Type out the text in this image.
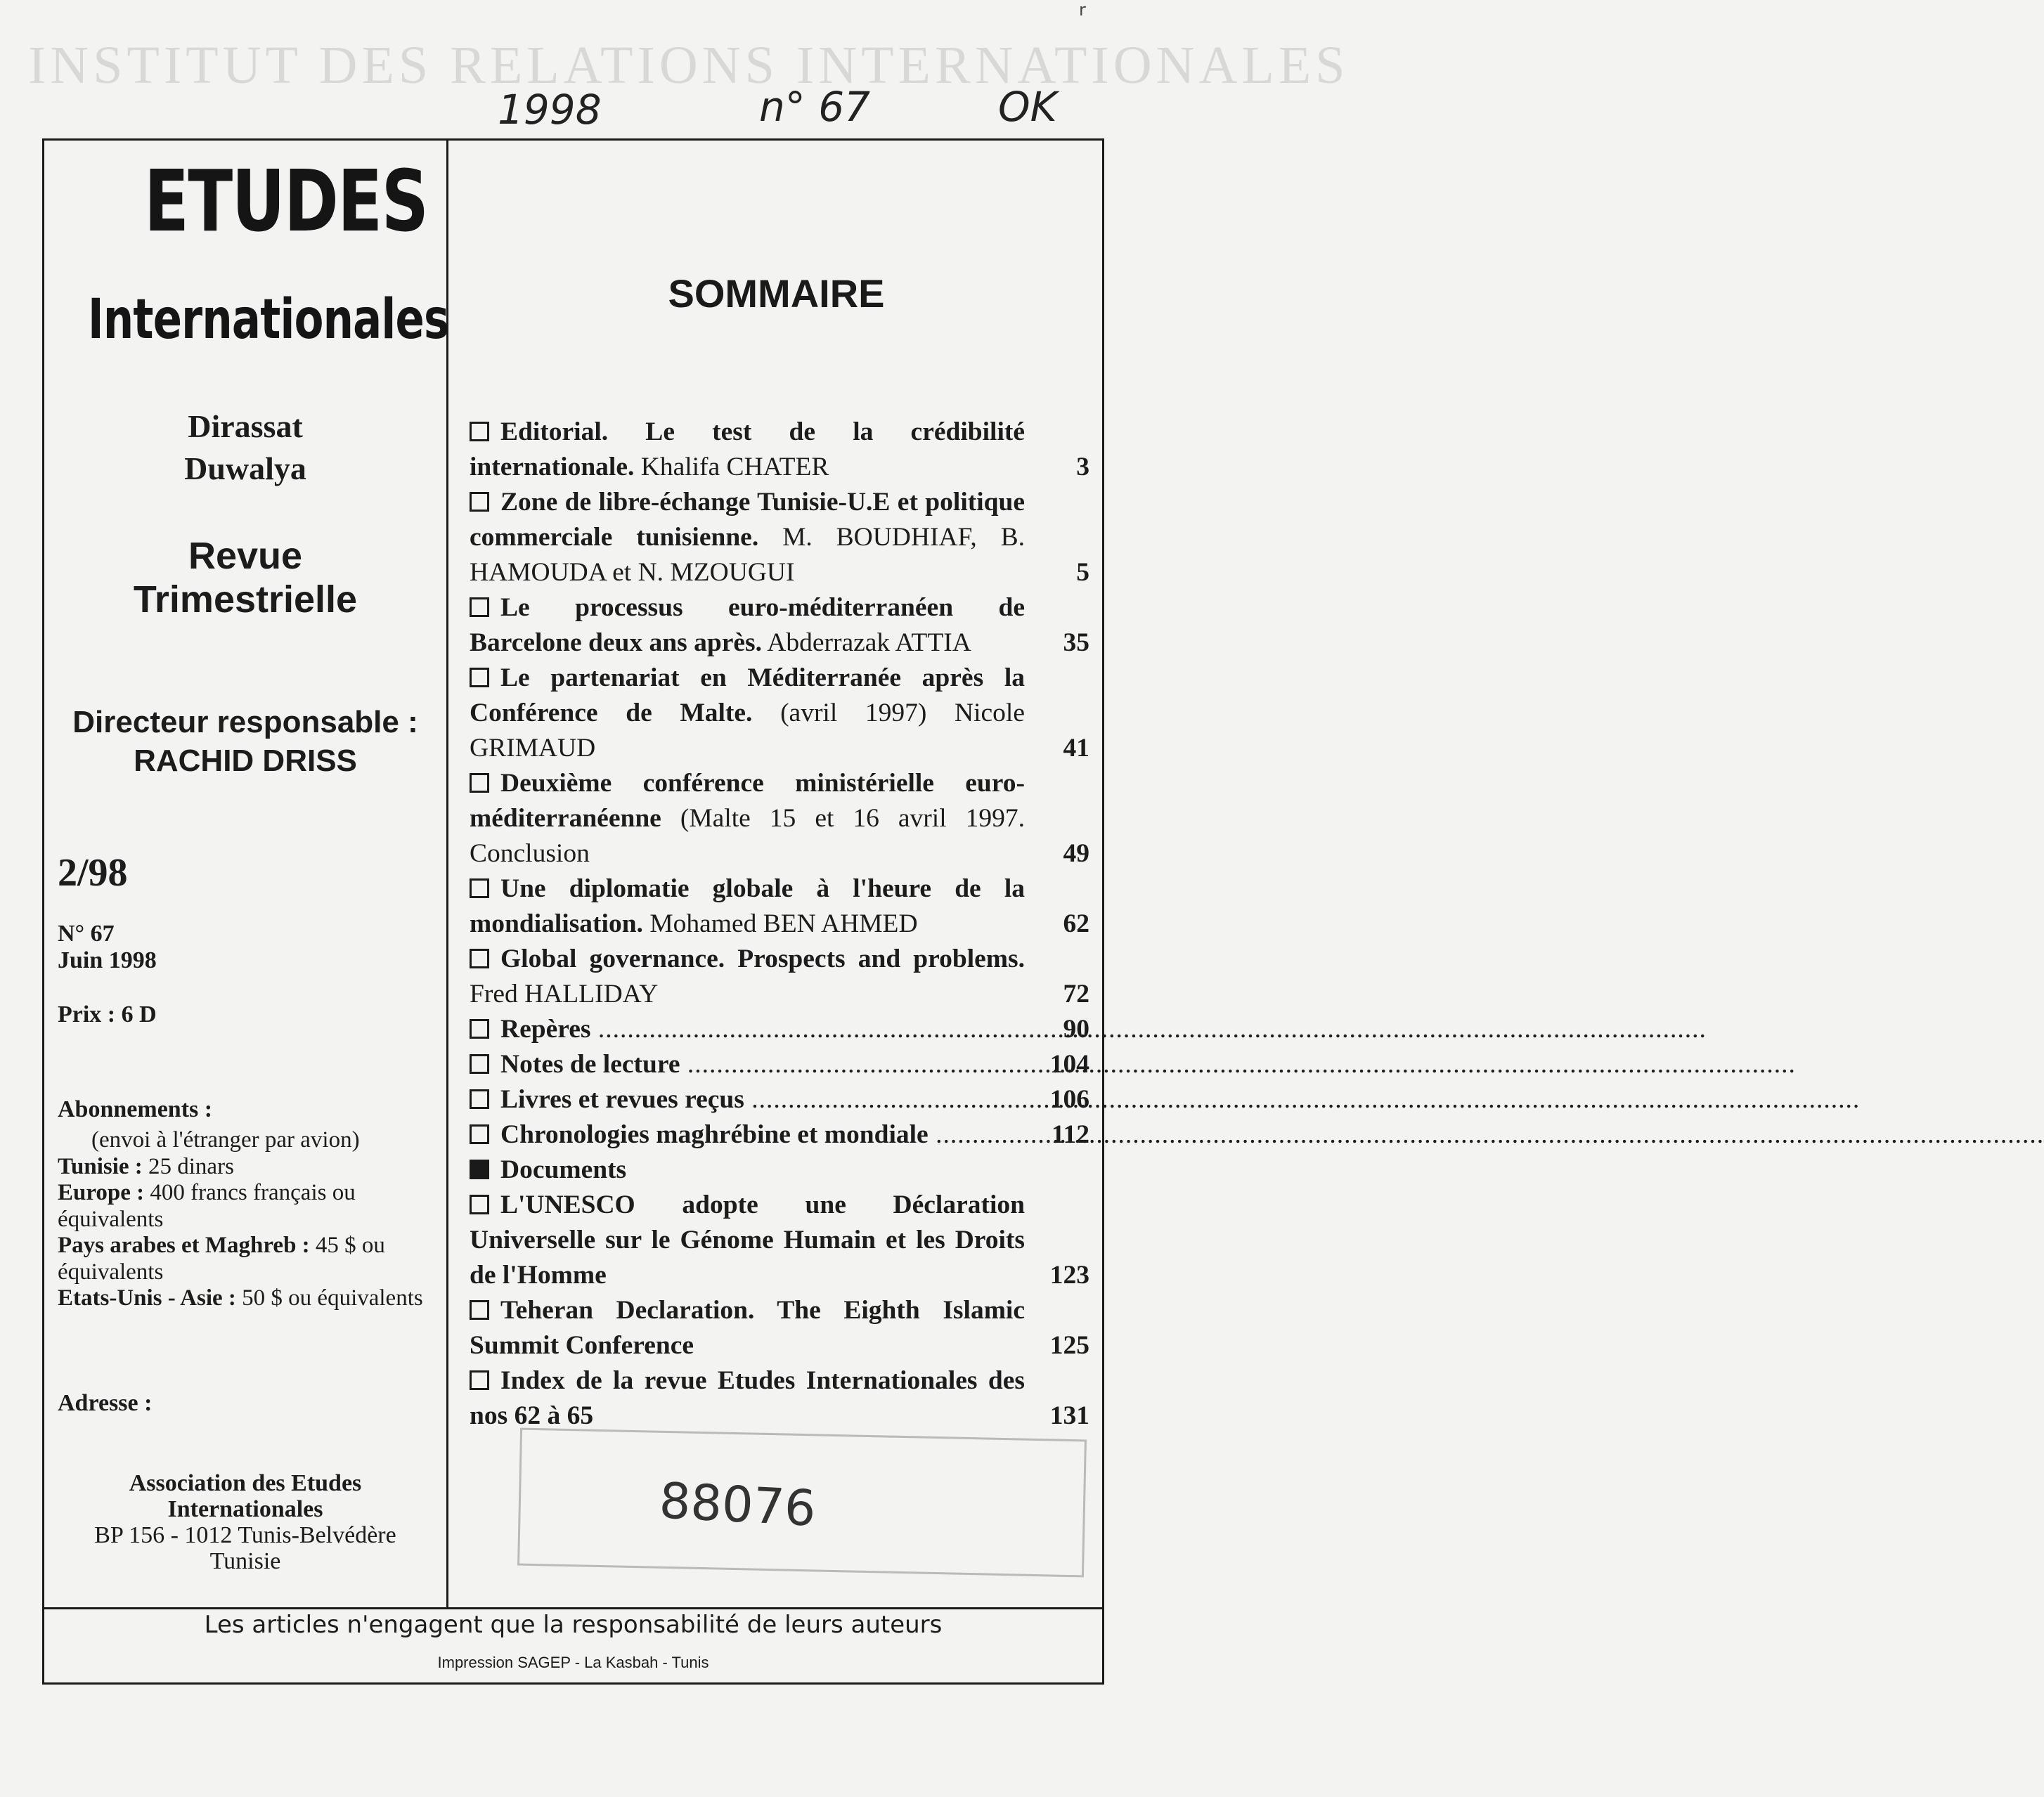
INSTITUT DES RELATIONS INTERNATIONALES
1998	n° 67	OK
r
ETUDES
Internationales
Dirassat
Duwalya
Revue
Trimestrielle
Directeur responsable :
RACHID DRISS
2/98
N° 67
Juin 1998
Prix : 6 D
Abonnements :
(envoi à l'étranger par avion)
Tunisie : 25 dinars
Europe : 400 francs français ou équivalents
Pays arabes et Maghreb : 45 $ ou équivalents
Etats-Unis - Asie : 50 $ ou équivalents
Adresse :
Association des Etudes
Internationales
BP 156 - 1012 Tunis-Belvédère
Tunisie
SOMMAIRE
Editorial. Le test de la crédibilité internationale. Khalifa CHATER	3
Zone de libre-échange Tunisie-U.E et politique commerciale tunisienne. M. BOUDHIAF, B. HAMOUDA et N. MZOUGUI	5
Le processus euro-méditerranéen de Barcelone deux ans après. Abderrazak ATTIA	35
Le partenariat en Méditerranée après la Conférence de Malte. (avril 1997) Nicole GRIMAUD	41
Deuxième conférence ministérielle euro-méditerranéenne (Malte 15 et 16 avril 1997. Conclusion	49
Une diplomatie globale à l'heure de la mondialisation. Mohamed BEN AHMED	62
Global governance. Prospects and problems. Fred HALLIDAY	72
Repères .....	90
Notes de lecture .....	104
Livres et revues reçus .....	106
Chronologies maghrébine et mondiale .....	112
Documents
L'UNESCO adopte une Déclaration Universelle sur le Génome Humain et les Droits de l'Homme	123
Teheran Declaration. The Eighth Islamic Summit Conference	125
Index de la revue Etudes Internationales des nos 62 à 65	131
88076
Les articles n'engagent que la responsabilité de leurs auteurs
Impression SAGEP - La Kasbah - Tunis
